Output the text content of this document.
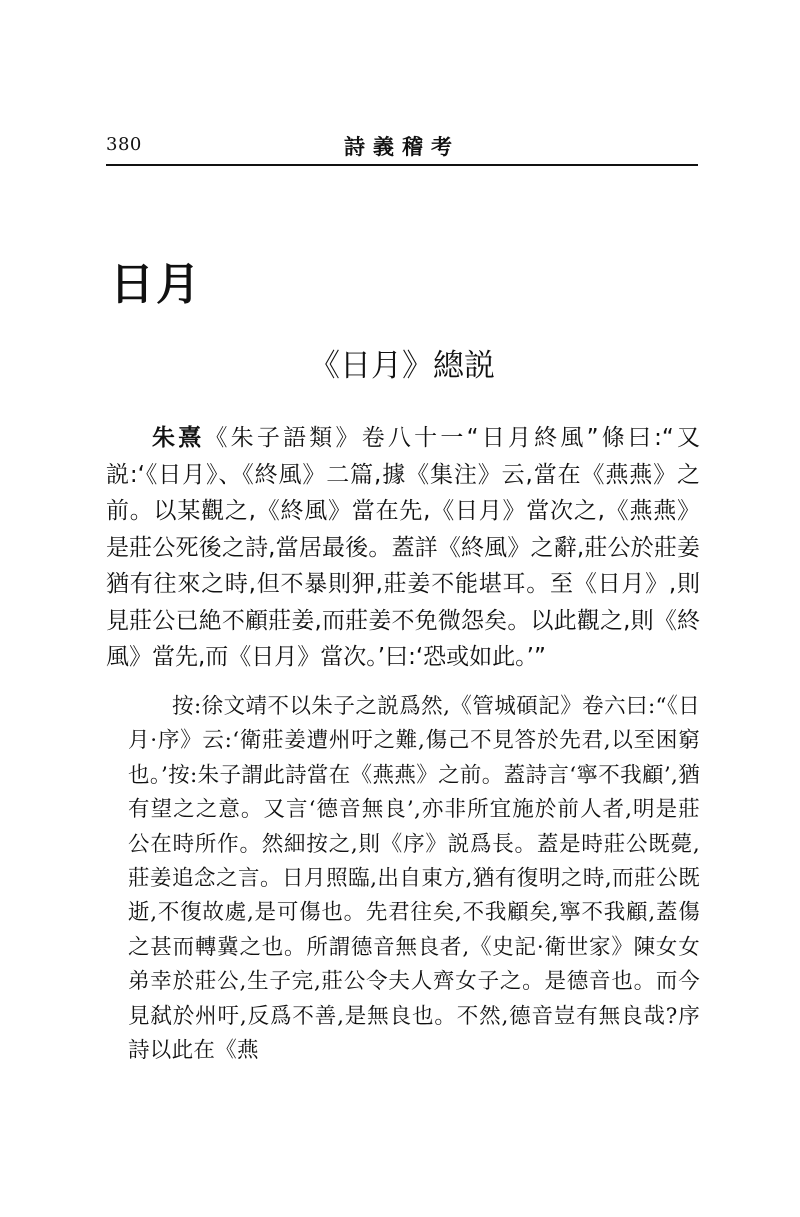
380	詩義稽考
日月
《日月》總説

朱熹《朱子語類》卷八十一“日月終風”條曰:“又説:‘《日月》、《終風》二篇,據《集注》云,當在《燕燕》之前。以某觀之,《終風》當在先,《日月》當次之,《燕燕》是莊公死後之詩,當居最後。蓋詳《終風》之辭,莊公於莊姜猶有往來之時,但不暴則狎,莊姜不能堪耳。至《日月》,則見莊公已絶不顧莊姜,而莊姜不免微怨矣。以此觀之,則《終風》當先,而《日月》當次。’曰:‘恐或如此。’”

按:徐文靖不以朱子之説爲然,《管城碩記》卷六曰:“《日月·序》云:‘衛莊姜遭州吁之難,傷己不見答於先君,以至困窮也。’按:朱子謂此詩當在《燕燕》之前。蓋詩言‘寧不我顧’,猶有望之之意。又言‘德音無良’,亦非所宜施於前人者,明是莊公在時所作。然細按之,則《序》説爲長。蓋是時莊公既薨,莊姜追念之言。日月照臨,出自東方,猶有復明之時,而莊公既逝,不復故處,是可傷也。先君往矣,不我顧矣,寧不我顧,蓋傷之甚而轉冀之也。所謂德音無良者,《史記·衛世家》陳女女弟幸於莊公,生子完,莊公令夫人齊女子之。是德音也。而今見弑於州吁,反爲不善,是無良也。不然,德音豈有無良哉?序詩以此在《燕
